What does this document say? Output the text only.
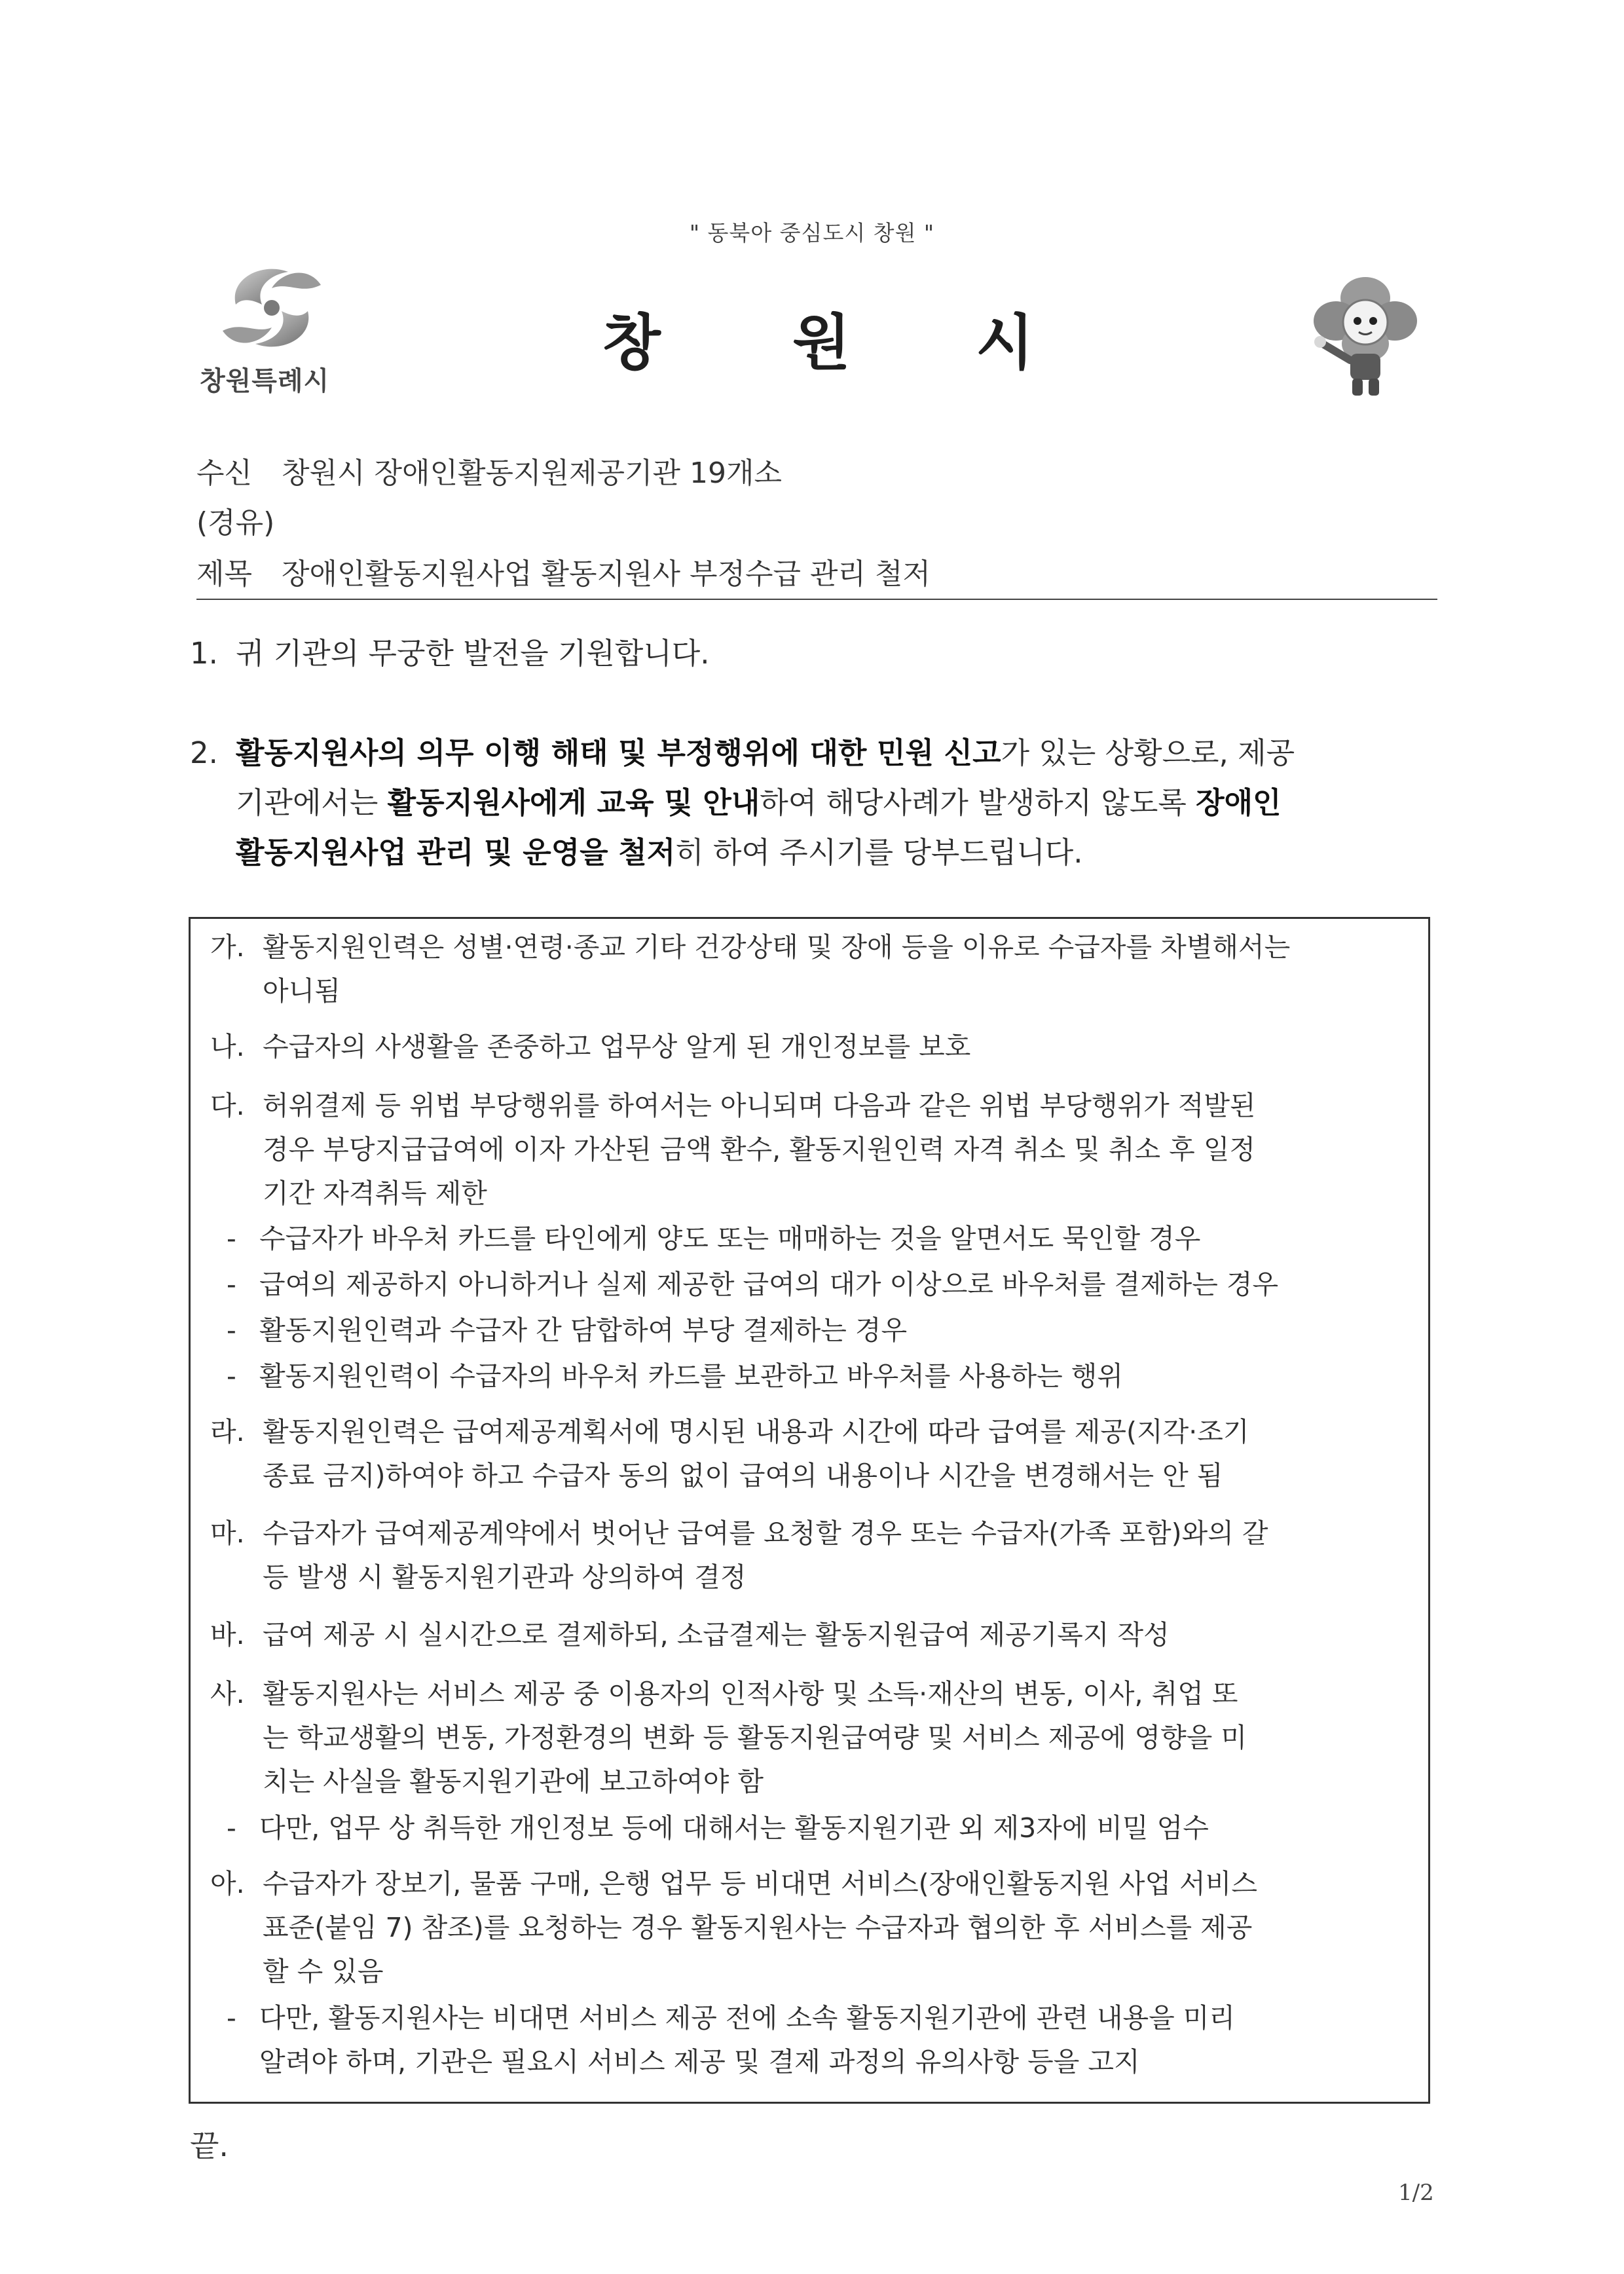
" 동북아 중심도시 창원 "
창원특례시
창 원 시
수신 창원시 장애인활동지원제공기관 19개소
(경유)
제목 장애인활동지원사업 활동지원사 부정수급 관리 철저
1. 귀 기관의 무궁한 발전을 기원합니다.
2. 활동지원사의 의무 이행 해태 및 부정행위에 대한 민원 신고가 있는 상황으로, 제공
기관에서는 활동지원사에게 교육 및 안내하여 해당사례가 발생하지 않도록 장애인
활동지원사업 관리 및 운영을 철저히 하여 주시기를 당부드립니다.
가. 활동지원인력은 성별·연령·종교 기타 건강상태 및 장애 등을 이유로 수급자를 차별해서는
아니됨
나. 수급자의 사생활을 존중하고 업무상 알게 된 개인정보를 보호
다. 허위결제 등 위법 부당행위를 하여서는 아니되며 다음과 같은 위법 부당행위가 적발된
경우 부당지급급여에 이자 가산된 금액 환수, 활동지원인력 자격 취소 및 취소 후 일정
기간 자격취득 제한
- 수급자가 바우처 카드를 타인에게 양도 또는 매매하는 것을 알면서도 묵인할 경우
- 급여의 제공하지 아니하거나 실제 제공한 급여의 대가 이상으로 바우처를 결제하는 경우
- 활동지원인력과 수급자 간 담합하여 부당 결제하는 경우
- 활동지원인력이 수급자의 바우처 카드를 보관하고 바우처를 사용하는 행위
라. 활동지원인력은 급여제공계획서에 명시된 내용과 시간에 따라 급여를 제공(지각·조기
종료 금지)하여야 하고 수급자 동의 없이 급여의 내용이나 시간을 변경해서는 안 됨
마. 수급자가 급여제공계약에서 벗어난 급여를 요청할 경우 또는 수급자(가족 포함)와의 갈
등 발생 시 활동지원기관과 상의하여 결정
바. 급여 제공 시 실시간으로 결제하되, 소급결제는 활동지원급여 제공기록지 작성
사. 활동지원사는 서비스 제공 중 이용자의 인적사항 및 소득·재산의 변동, 이사, 취업 또
는 학교생활의 변동, 가정환경의 변화 등 활동지원급여량 및 서비스 제공에 영향을 미
치는 사실을 활동지원기관에 보고하여야 함
- 다만, 업무 상 취득한 개인정보 등에 대해서는 활동지원기관 외 제3자에 비밀 엄수
아. 수급자가 장보기, 물품 구매, 은행 업무 등 비대면 서비스(장애인활동지원 사업 서비스
표준(붙임 7) 참조)를 요청하는 경우 활동지원사는 수급자과 협의한 후 서비스를 제공
할 수 있음
- 다만, 활동지원사는 비대면 서비스 제공 전에 소속 활동지원기관에 관련 내용을 미리
알려야 하며, 기관은 필요시 서비스 제공 및 결제 과정의 유의사항 등을 고지
끝.
1/2
